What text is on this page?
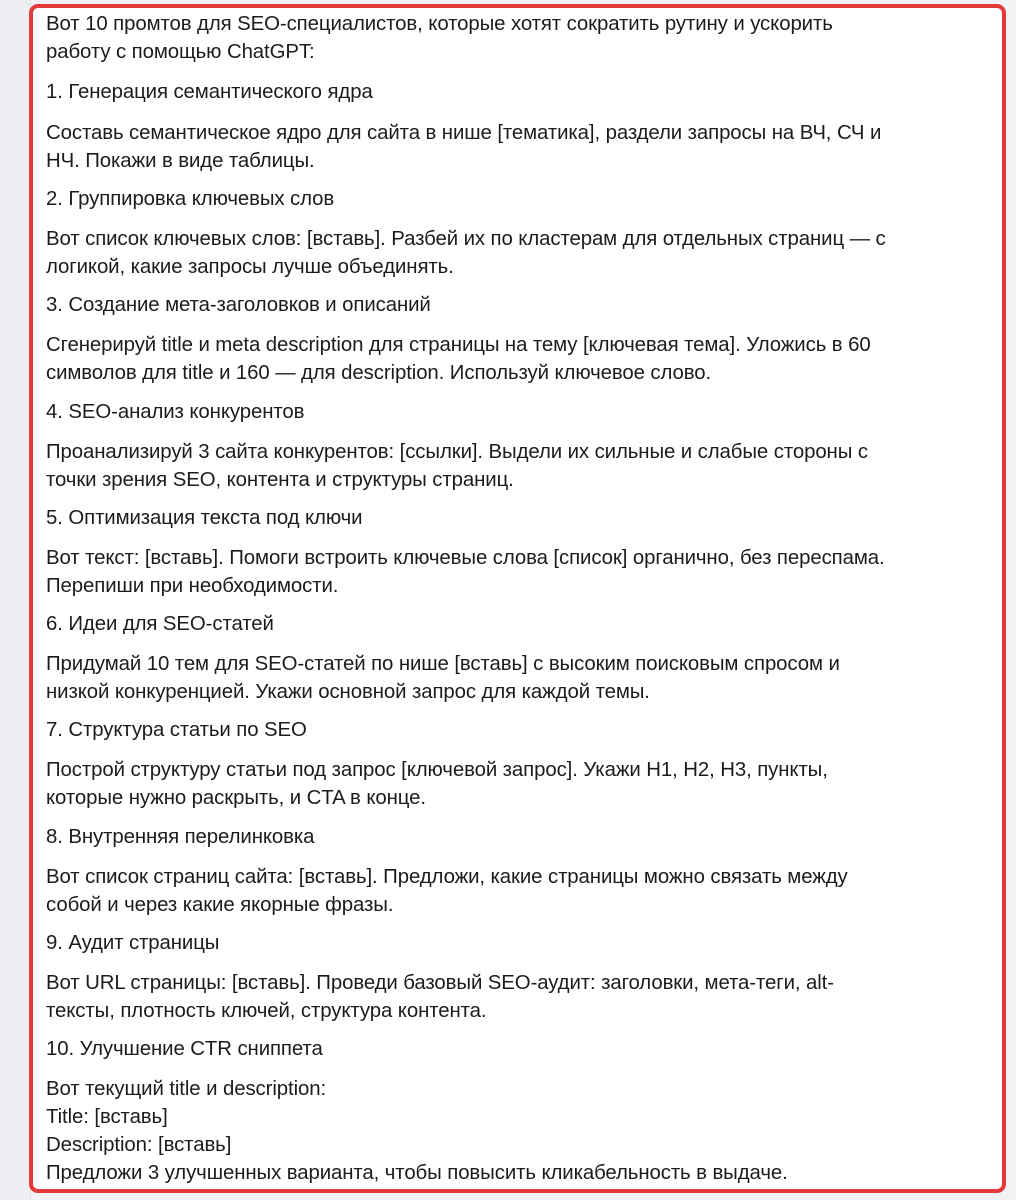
Вот 10 промтов для SEO-специалистов, которые хотят сократить рутину и ускорить
работу с помощью ChatGPT:
1. Генерация семантического ядра
Составь семантическое ядро для сайта в нише [тематика], раздели запросы на ВЧ, СЧ и
НЧ. Покажи в виде таблицы.
2. Группировка ключевых слов
Вот список ключевых слов: [вставь]. Разбей их по кластерам для отдельных страниц — с
логикой, какие запросы лучше объединять.
3. Создание мета-заголовков и описаний
Сгенерируй title и meta description для страницы на тему [ключевая тема]. Уложись в 60
символов для title и 160 — для description. Используй ключевое слово.
4. SEO-анализ конкурентов
Проанализируй 3 сайта конкурентов: [ссылки]. Выдели их сильные и слабые стороны с
точки зрения SEO, контента и структуры страниц.
5. Оптимизация текста под ключи
Вот текст: [вставь]. Помоги встроить ключевые слова [список] органично, без переспама.
Перепиши при необходимости.
6. Идеи для SEO-статей
Придумай 10 тем для SEO-статей по нише [вставь] с высоким поисковым спросом и
низкой конкуренцией. Укажи основной запрос для каждой темы.
7. Структура статьи по SEO
Построй структуру статьи под запрос [ключевой запрос]. Укажи H1, H2, H3, пункты,
которые нужно раскрыть, и CTA в конце.
8. Внутренняя перелинковка
Вот список страниц сайта: [вставь]. Предложи, какие страницы можно связать между
собой и через какие якорные фразы.
9. Аудит страницы
Вот URL страницы: [вставь]. Проведи базовый SEO-аудит: заголовки, мета-теги, alt-
тексты, плотность ключей, структура контента.
10. Улучшение CTR сниппета
Вот текущий title и description:
Title: [вставь]
Description: [вставь]
Предложи 3 улучшенных варианта, чтобы повысить кликабельность в выдаче.
